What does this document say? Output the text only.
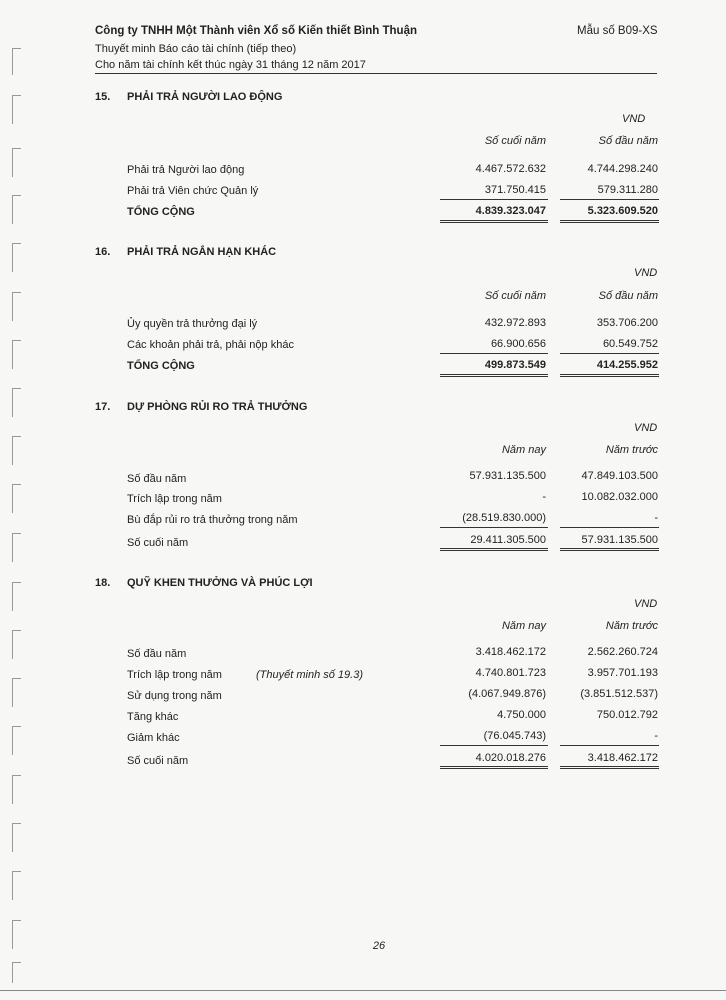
Công ty TNHH Một Thành viên Xổ số Kiến thiết Bình Thuận	Mẫu số B09-XS
Thuyết minh Báo cáo tài chính (tiếp theo)
Cho năm tài chính kết thúc ngày 31 tháng 12 năm 2017
15. PHẢI TRẢ NGƯỜI LAO ĐỘNG
VND
Số cuối năm	Số đầu năm
Phải trả Người lao động	4.467.572.632	4.744.298.240
Phải trả Viên chức Quản lý	371.750.415	579.311.280
TỔNG CỘNG	4.839.323.047	5.323.609.520
16. PHẢI TRẢ NGẮN HẠN KHÁC
VND
Số cuối năm	Số đầu năm
Ủy quyền trả thưởng đại lý	432.972.893	353.706.200
Các khoản phải trả, phải nộp khác	66.900.656	60.549.752
TỔNG CỘNG	499.873.549	414.255.952
17. DỰ PHÒNG RỦI RO TRẢ THƯỞNG
VND
Năm nay	Năm trước
Số đầu năm	57.931.135.500	47.849.103.500
Trích lập trong năm	-	10.082.032.000
Bù đắp rủi ro trả thưởng trong năm	(28.519.830.000)	-
Số cuối năm	29.411.305.500	57.931.135.500
18. QUỸ KHEN THƯỞNG VÀ PHÚC LỢI
VND
Năm nay	Năm trước
Số đầu năm	3.418.462.172	2.562.260.724
Trích lập trong năm	(Thuyết minh số 19.3)	4.740.801.723	3.957.701.193
Sử dụng trong năm	(4.067.949.876)	(3.851.512.537)
Tăng khác	4.750.000	750.012.792
Giảm khác	(76.045.743)	-
Số cuối năm	4.020.018.276	3.418.462.172
26
